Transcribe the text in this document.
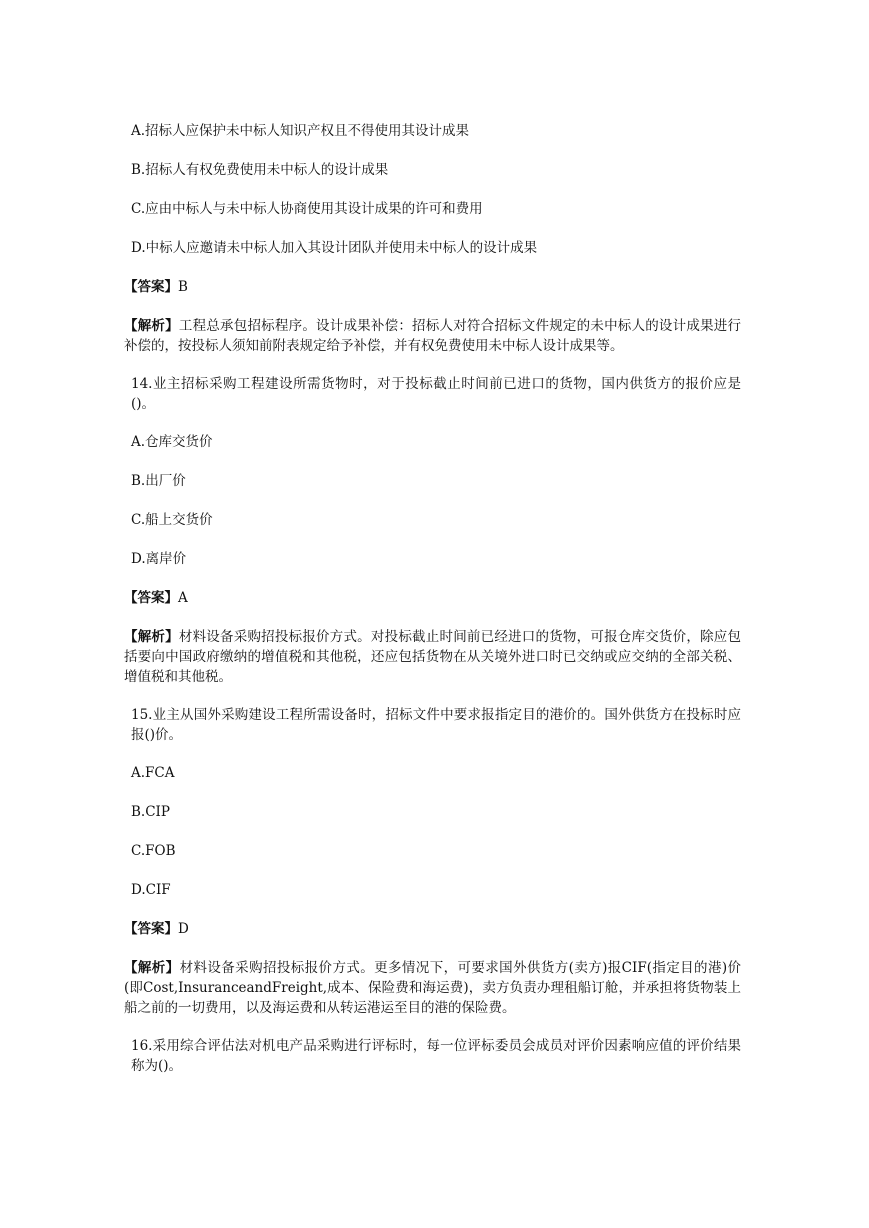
A.招标人应保护未中标人知识产权且不得使用其设计成果

B.招标人有权免费使用未中标人的设计成果

C.应由中标人与未中标人协商使用其设计成果的许可和费用

D.中标人应邀请未中标人加入其设计团队并使用未中标人的设计成果

【答案】B

【解析】工程总承包招标程序。设计成果补偿：招标人对符合招标文件规定的未中标人的设计成果进行补偿的，按投标人须知前附表规定给予补偿，并有权免费使用未中标人设计成果等。

14.业主招标采购工程建设所需货物时，对于投标截止时间前已进口的货物，国内供货方的报价应是()。

A.仓库交货价

B.出厂价

C.船上交货价

D.离岸价

【答案】A

【解析】材料设备采购招投标报价方式。对投标截止时间前已经进口的货物，可报仓库交货价，除应包括要向中国政府缴纳的增值税和其他税，还应包括货物在从关境外进口时已交纳或应交纳的全部关税、增值税和其他税。

15.业主从国外采购建设工程所需设备时，招标文件中要求报指定目的港价的。国外供货方在投标时应报()价。

A.FCA

B.CIP

C.FOB

D.CIF

【答案】D

【解析】材料设备采购招投标报价方式。更多情况下，可要求国外供货方(卖方)报CIF(指定目的港)价(即Cost,InsuranceandFreight,成本、保险费和海运费)，卖方负责办理租船订舱，并承担将货物装上船之前的一切费用，以及海运费和从转运港运至目的港的保险费。

16.采用综合评估法对机电产品采购进行评标时，每一位评标委员会成员对评价因素响应值的评价结果称为()。
